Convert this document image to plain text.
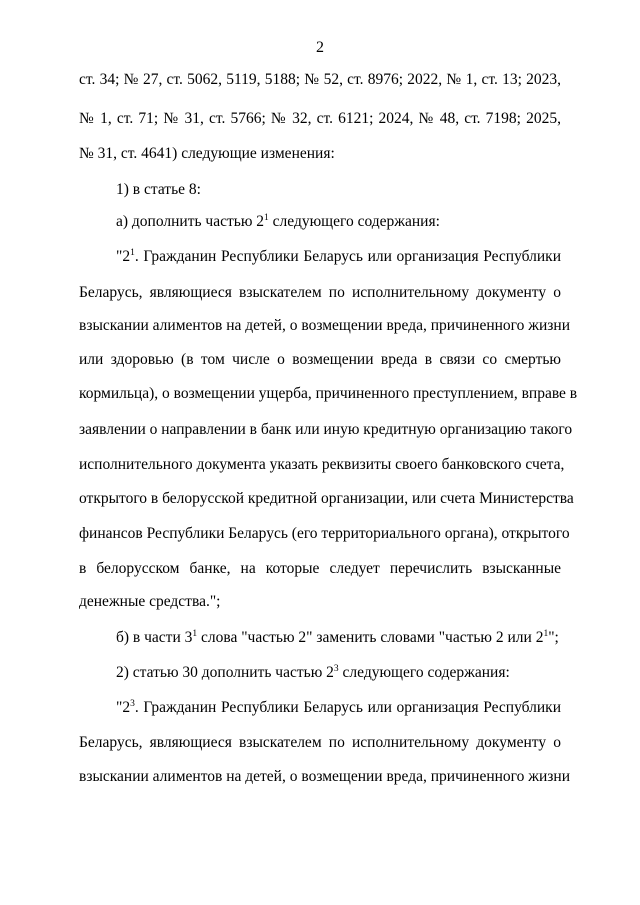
2
ст. 34; № 27, ст. 5062, 5119, 5188; № 52, ст. 8976; 2022, № 1, ст. 13; 2023,
№ 1, ст. 71; № 31, ст. 5766; № 32, ст. 6121; 2024, № 48, ст. 7198; 2025,
№ 31, ст. 4641) следующие изменения:
1) в статье 8:
а) дополнить частью $2^1$ следующего содержания:
"$2^1$. Гражданин Республики Беларусь или организация Республики
Беларусь, являющиеся взыскателем по исполнительному документу о
взыскании алиментов на детей, о возмещении вреда, причиненного жизни
или здоровью (в том числе о возмещении вреда в связи со смертью
кормильца), о возмещении ущерба, причиненного преступлением, вправе в
заявлении о направлении в банк или иную кредитную организацию такого
исполнительного документа указать реквизиты своего банковского счета,
открытого в белорусской кредитной организации, или счета Министерства
финансов Республики Беларусь (его территориального органа), открытого
в белорусском банке, на которые следует перечислить взысканные
денежные средства.";
б) в части $3^1$ слова "частью 2" заменить словами "частью 2 или $2^1$";
2) статью 30 дополнить частью $2^3$ следующего содержания:
"$2^3$. Гражданин Республики Беларусь или организация Республики
Беларусь, являющиеся взыскателем по исполнительному документу о
взыскании алиментов на детей, о возмещении вреда, причиненного жизни
